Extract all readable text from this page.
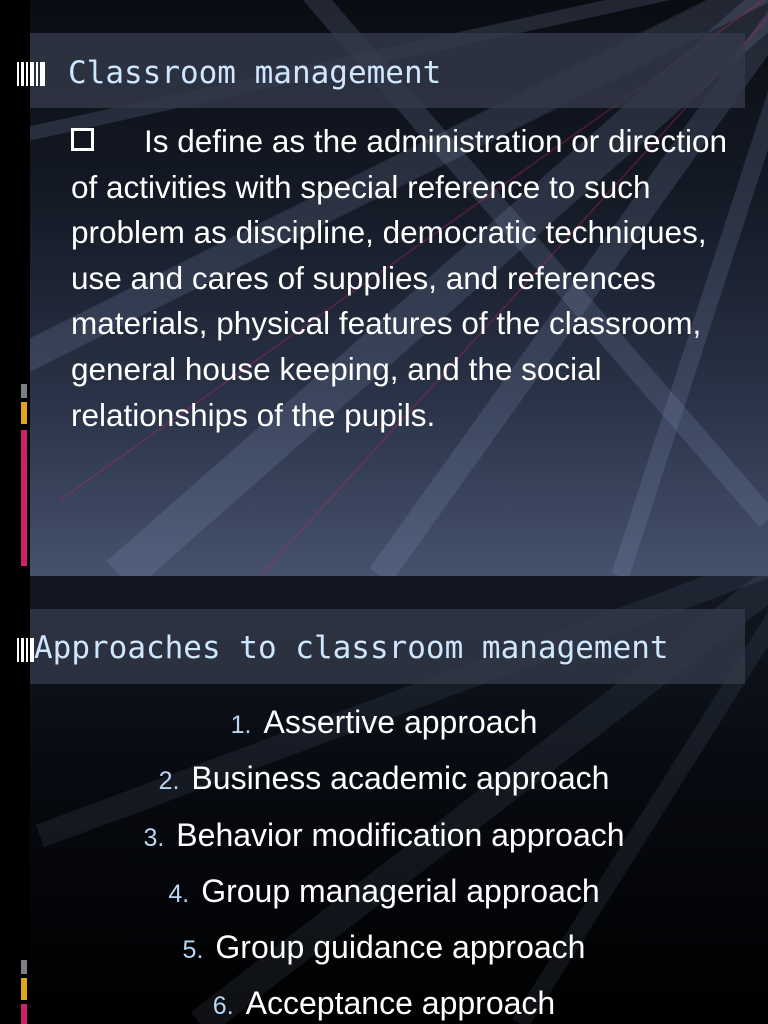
Classroom management
Is define as the administration or direction of activities with special reference to such problem as discipline, democratic techniques, use and cares of supplies, and references materials, physical features of the classroom, general house keeping, and the social relationships of the pupils.
Approaches to classroom management
1. Assertive approach
2. Business academic approach
3. Behavior modification approach
4. Group managerial approach
5. Group guidance approach
6. Acceptance approach
